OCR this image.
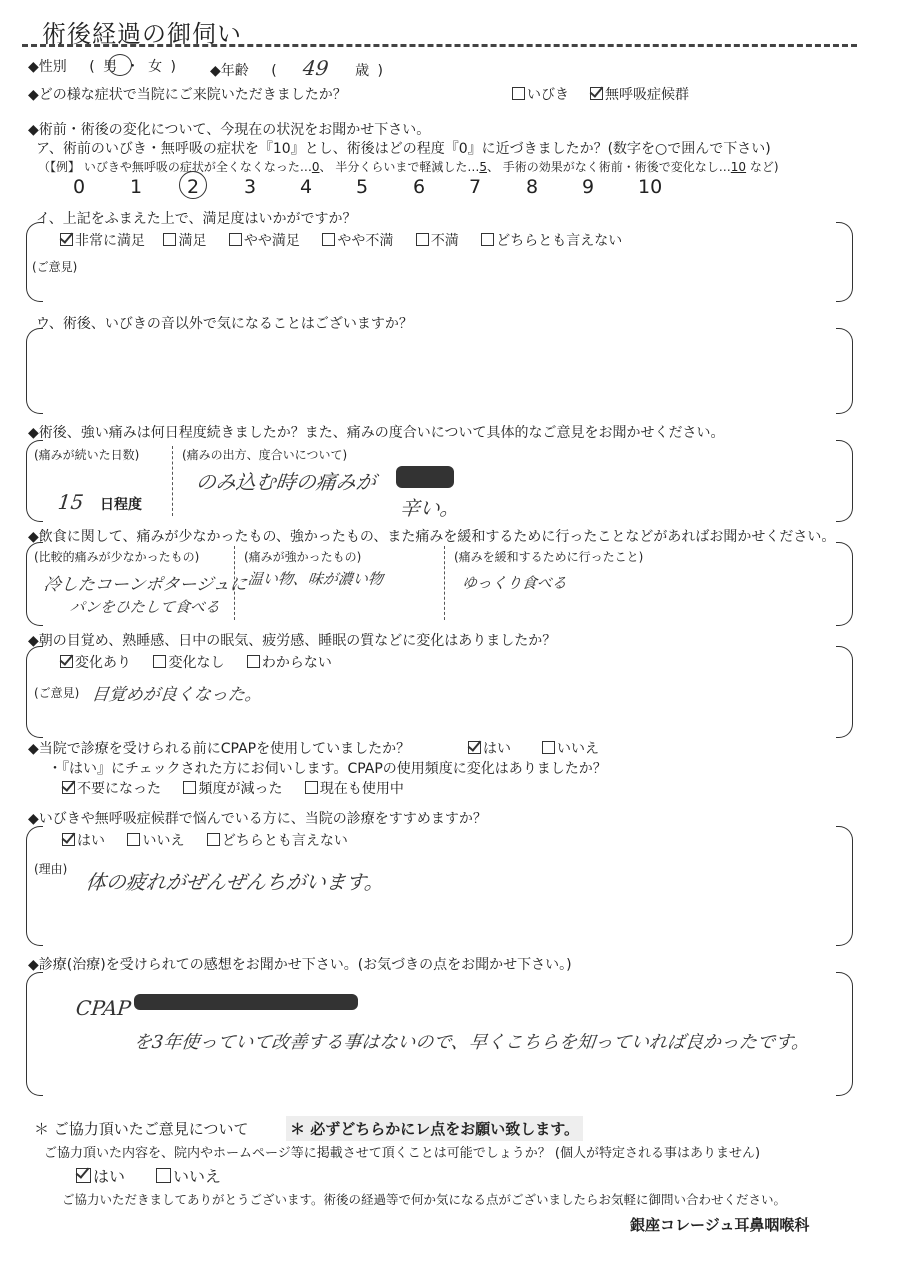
術後経過の御伺い
◆性別 ( 男 ・ 女 ) ◆年齢 ( 49 歳 )
◆どの様な症状で当院にご来院いただきましたか？	いびき	無呼吸症候群
◆術前・術後の変化について、今現在の状況をお聞かせ下さい。
ア、術前のいびき・無呼吸の症状を『10』とし、術後はどの程度『0』に近づきましたか？(数字を○で囲んで下さい)
（【例】 いびきや無呼吸の症状が全くなくなった…0、 半分くらいまで軽減した…5、 手術の効果がなく術前・術後で変化なし…10 など)
0 1 2 3 4 5 6 7 8 9 10
イ、上記をふまえた上で、満足度はいかがですか？
非常に満足 満足	やや満足	やや不満	不満	どちらとも言えない
(ご意見)
ウ、術後、いびきの音以外で気になることはございますか？
◆術後、強い痛みは何日程度続きましたか？また、痛みの度合いについて具体的なご意見をお聞かせください。
(痛みが続いた日数)
15 日程度
(痛みの出方、度合いについて)
のみ込む時の痛みが
辛い。
◆飲食に関して、痛みが少なかったもの、強かったもの、また痛みを緩和するために行ったことなどがあればお聞かせください。
(比較的痛みが少なかったもの)
冷したコーンポタージュに
パンをひたして食べる
(痛みが強かったもの)
温い物、味が濃い物
(痛みを緩和するために行ったこと)
ゆっくり食べる
◆朝の目覚め、熟睡感、日中の眠気、疲労感、睡眠の質などに変化はありましたか？
変化あり	変化なし	わからない
(ご意見) 目覚めが良くなった。
◆当院で診療を受けられる前にCPAPを使用していましたか？	はい	いいえ
・『はい』にチェックされた方にお伺いします。CPAPの使用頻度に変化はありましたか？
不要になった	頻度が減った	現在も使用中
◆いびきや無呼吸症候群で悩んでいる方に、当院の診療をすすめますか？
はい	いいえ	どちらとも言えない
(理由)
体の疲れがぜんぜんちがいます。
◆診療(治療)を受けられての感想をお聞かせ下さい。(お気づきの点をお聞かせ下さい。)
CPAP
を3年使っていて改善する事はないので、早くこちらを知っていれば良かったです。
＊ ご協力頂いたご意見について	＊ 必ずどちらかにレ点をお願い致します。
ご協力頂いた内容を、院内やホームページ等に掲載させて頂くことは可能でしょうか？ (個人が特定される事はありません)
はい	いいえ
ご協力いただきましてありがとうございます。術後の経過等で何か気になる点がございましたらお気軽に御問い合わせください。
銀座コレージュ耳鼻咽喉科
